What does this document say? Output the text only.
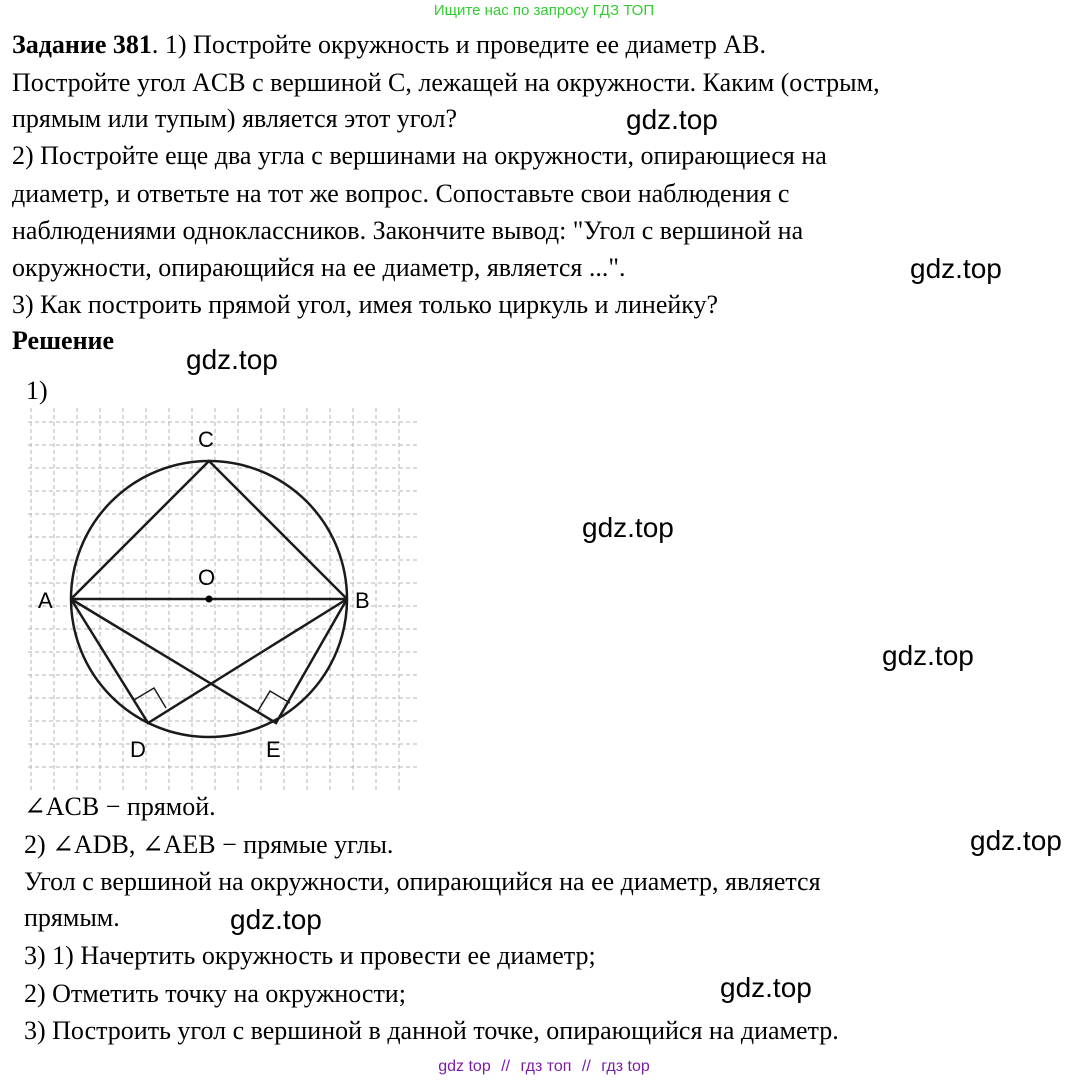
Ищите нас по запросу ГДЗ ТОП
Задание 381. 1) Постройте окружность и проведите ее диаметр AB.
Постройте угол ACB с вершиной C, лежащей на окружности. Каким (острым,
прямым или тупым) является этот угол?
2) Постройте еще два угла с вершинами на окружности, опирающиеся на
диаметр, и ответьте на тот же вопрос. Сопоставьте свои наблюдения с
наблюдениями одноклассников. Закончите вывод: "Угол с вершиной на
окружности, опирающийся на ее диаметр, является ...".
3) Как построить прямой угол, имея только циркуль и линейку?
Решение
1)
gdz.top
gdz.top
gdz.top
gdz.top
gdz.top
gdz.top
gdz.top
gdz.top
C
O
A	B
D	E
∠ACB − прямой.
2) ∠ADB, ∠AEB − прямые углы.
Угол с вершиной на окружности, опирающийся на ее диаметр, является
прямым.
3) 1) Начертить окружность и провести ее диаметр;
2) Отметить точку на окружности;
3) Построить угол с вершиной в данной точке, опирающийся на диаметр.
gdz top // гдз топ // гдз top
